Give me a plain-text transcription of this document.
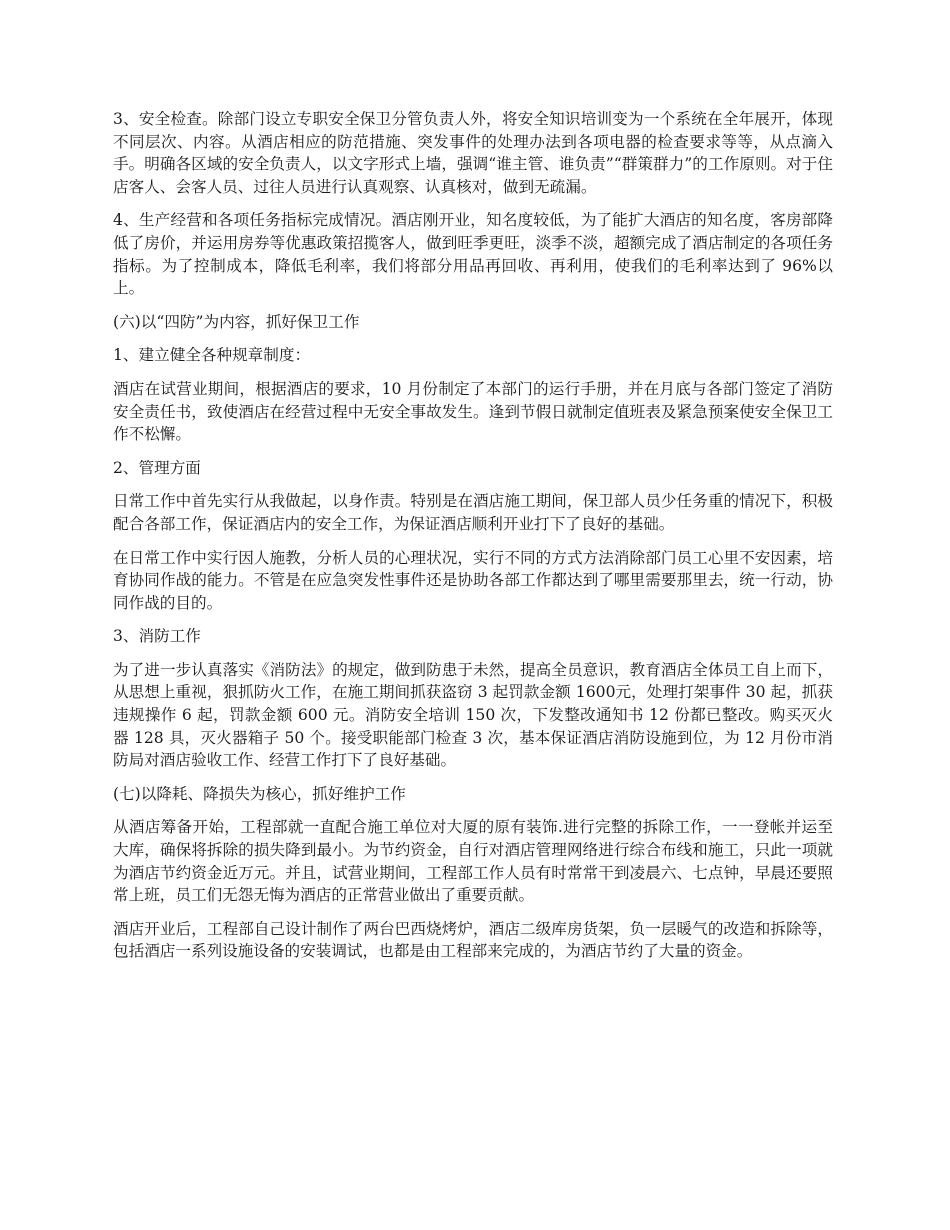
3、安全检查。除部门设立专职安全保卫分管负责人外，将安全知识培训变为一个系统在全年展开，体现不同层次、内容。从酒店相应的防范措施、突发事件的处理办法到各项电器的检查要求等等，从点滴入手。明确各区域的安全负责人，以文字形式上墙，强调“谁主管、谁负责”“群策群力”的工作原则。对于住店客人、会客人员、过往人员进行认真观察、认真核对，做到无疏漏。

4、生产经营和各项任务指标完成情况。酒店刚开业，知名度较低，为了能扩大酒店的知名度，客房部降低了房价，并运用房券等优惠政策招揽客人，做到旺季更旺，淡季不淡，超额完成了酒店制定的各项任务指标。为了控制成本，降低毛利率，我们将部分用品再回收、再利用，使我们的毛利率达到了 96%以上。

(六)以“四防”为内容，抓好保卫工作

1、建立健全各种规章制度：

酒店在试营业期间，根据酒店的要求，10 月份制定了本部门的运行手册，并在月底与各部门签定了消防安全责任书，致使酒店在经营过程中无安全事故发生。逢到节假日就制定值班表及紧急预案使安全保卫工作不松懈。

2、管理方面

日常工作中首先实行从我做起，以身作责。特别是在酒店施工期间，保卫部人员少任务重的情况下，积极配合各部工作，保证酒店内的安全工作，为保证酒店顺利开业打下了良好的基础。

在日常工作中实行因人施教，分析人员的心理状况，实行不同的方式方法消除部门员工心里不安因素，培育协同作战的能力。不管是在应急突发性事件还是协助各部工作都达到了哪里需要那里去，统一行动，协同作战的目的。

3、消防工作

为了进一步认真落实《消防法》的规定，做到防患于未然，提高全员意识，教育酒店全体员工自上而下，从思想上重视，狠抓防火工作，在施工期间抓获盗窃 3 起罚款金额 1600元，处理打架事件 30 起，抓获违规操作 6 起，罚款金额 600 元。消防安全培训 150 次，下发整改通知书 12 份都已整改。购买灭火器 128 具，灭火器箱子 50 个。接受职能部门检查 3 次，基本保证酒店消防设施到位，为 12 月份市消防局对酒店验收工作、经营工作打下了良好基础。

(七)以降耗、降损失为核心，抓好维护工作

从酒店筹备开始，工程部就一直配合施工单位对大厦的原有装饰.进行完整的拆除工作，一一登帐并运至大库，确保将拆除的损失降到最小。为节约资金，自行对酒店管理网络进行综合布线和施工，只此一项就为酒店节约资金近万元。并且，试营业期间，工程部工作人员有时常常干到凌晨六、七点钟，早晨还要照常上班，员工们无怨无悔为酒店的正常营业做出了重要贡献。

酒店开业后，工程部自己设计制作了两台巴西烧烤炉，酒店二级库房货架，负一层暖气的改造和拆除等，包括酒店一系列设施设备的安装调试，也都是由工程部来完成的，为酒店节约了大量的资金。
